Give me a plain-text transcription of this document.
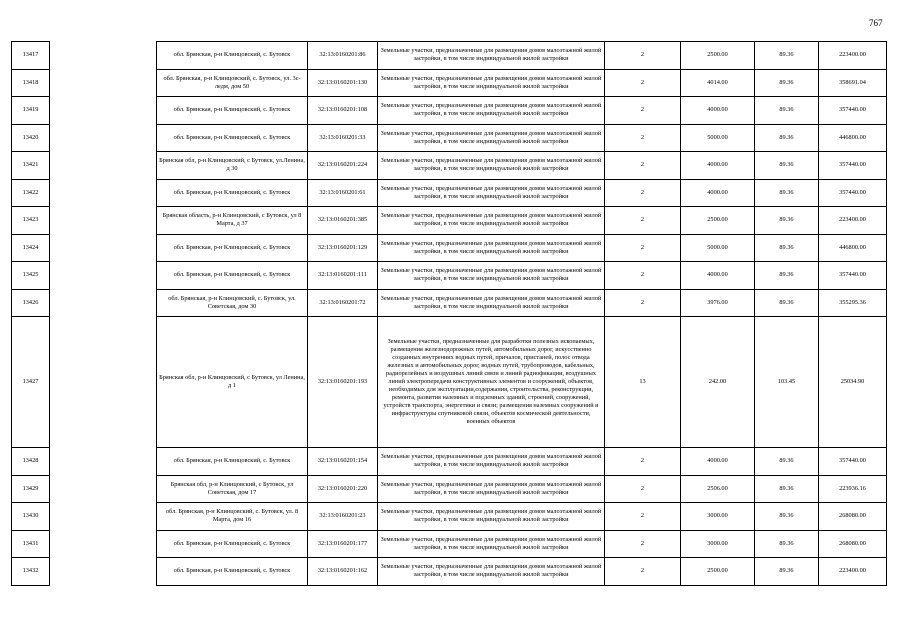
767
13417		обл. Брянская, р-н Клинцовский, с. Бутовск	32:13:0160201:86	Земельные участки, предназначенные для размещения домов малоэтажной жилой застройки, в том числе индивидуальной жилой застройки	2	2500.00	89.36	223400.00
13418		обл. Брянская, р-н Клинцовский, с. Бутовск, ул. 3с-ледм, дом 50	32:13:0160201:130	Земельные участки, предназначенные для размещения домов малоэтажной жилой застройки, в том числе индивидуальной жилой застройки	2	4014.00	89.36	358691.04
13419		обл. Брянская, р-н Клинцовский, с. Бутовск	32:13:0160201:108	Земельные участки, предназначенные для размещения домов малоэтажной жилой застройки, в том числе индивидуальной жилой застройки	2	4000.00	89.36	357440.00
13420		обл. Брянская, р-н Клинцовский, с. Бутовск	32:13:0160201:33	Земельные участки, предназначенные для размещения домов малоэтажной жилой застройки, в том числе индивидуальной жилой застройки	2	5000.00	89.36	446800.00
13421		Брянская обл, р-н Клинцовский, с Бутовск, ул.Ленина, д 30	32:13:0160201:224	Земельные участки, предназначенные для размещения домов малоэтажной жилой застройки, в том числе индивидуальной жилой застройки	2	4000.00	89.36	357440.00
13422		обл. Брянская, р-н Клинцовский, с. Бутовск	32:13:0160201:61	Земельные участки, предназначенные для размещения домов малоэтажной жилой застройки, в том числе индивидуальной жилой застройки	2	4000.00	89.36	357440.00
13423		Брянская область, р-н Клинцовский, с Бутовск, ул 8 Марта, д 37	32:13:0160201:385	Земельные участки, предназначенные для размещения домов малоэтажной жилой застройки, в том числе индивидуальной жилой застройки	2	2500.00	89.36	223400.00
13424		обл. Брянская, р-н Клинцовский, с. Бутовск	32:13:0160201:129	Земельные участки, предназначенные для размещения домов малоэтажной жилой застройки, в том числе индивидуальной жилой застройки	2	5000.00	89.36	446800.00
13425		обл. Брянская, р-н Клинцовский, с. Бутовск	32:13:0160201:111	Земельные участки, предназначенные для размещения домов малоэтажной жилой застройки, в том числе индивидуальной жилой застройки	2	4000.00	89.36	357440.00
13426		обл. Брянская, р-н Клинцовский, с. Бутовск, ул. Советская, дом 30	32:13:0160201:72	Земельные участки, предназначенные для размещения домов малоэтажной жилой застройки, в том числе индивидуальной жилой застройки	2	3976.00	89.36	355295.36
13427		Брянская обл, р-н Клинцовский, с Бутовск, ул Ленина, д 1	32:13:0160201:193	Земельные участки, предназначенные для разработки полезных ископаемых, размещения железнодорожных путей, автомобильных дорог, искусственно созданных внутренних водных путей, причалов, пристаней, полос отвода железных и автомобильных дорог, водных путей, трубопроводов, кабельных, радиорелейных и воздушных линий связи и линий радиофикации, воздушных линий электропередачи конструктивных элементов и сооружений, объектов, необходимых для эксплуатации,содержания, строительства, реконструкции, ремонта, развития наземных и подземных зданий, строений, сооружений, устройств транспорта, энергетики и связи; размещения наземных сооружений и инфраструктуры спутниковой связи, объектов космической деятельности, военных объектов	13	242.00	103.45	25034.90
13428		обл. Брянская, р-н Клинцовский, с. Бутовск	32:13:0160201:154	Земельные участки, предназначенные для размещения домов малоэтажной жилой застройки, в том числе индивидуальной жилой застройки	2	4000.00	89.36	357440.00
13429		Брянская обл, р-н Клинцовский, с Бутовск, ул Советская, дом 17	32:13:0160201:220	Земельные участки, предназначенные для размещения домов малоэтажной жилой застройки, в том числе индивидуальной жилой застройки	2	2506.00	89.36	223936.16
13430		обл. Брянская, р-н Клинцовский, с. Бутовск, ул. 8 Марта, дом 16	32:13:0160201:23	Земельные участки, предназначенные для размещения домов малоэтажной жилой застройки, в том числе индивидуальной жилой застройки	2	3000.00	89.36	268080.00
13431		обл. Брянская, р-н Клинцовский, с. Бутовск	32:13:0160201:177	Земельные участки, предназначенные для размещения домов малоэтажной жилой застройки, в том числе индивидуальной жилой застройки	2	3000.00	89.36	268080.00
13432		обл. Брянская, р-н Клинцовский, с. Бутовск	32:13:0160201:162	Земельные участки, предназначенные для размещения домов малоэтажной жилой застройки, в том числе индивидуальной жилой застройки	2	2500.00	89.36	223400.00
